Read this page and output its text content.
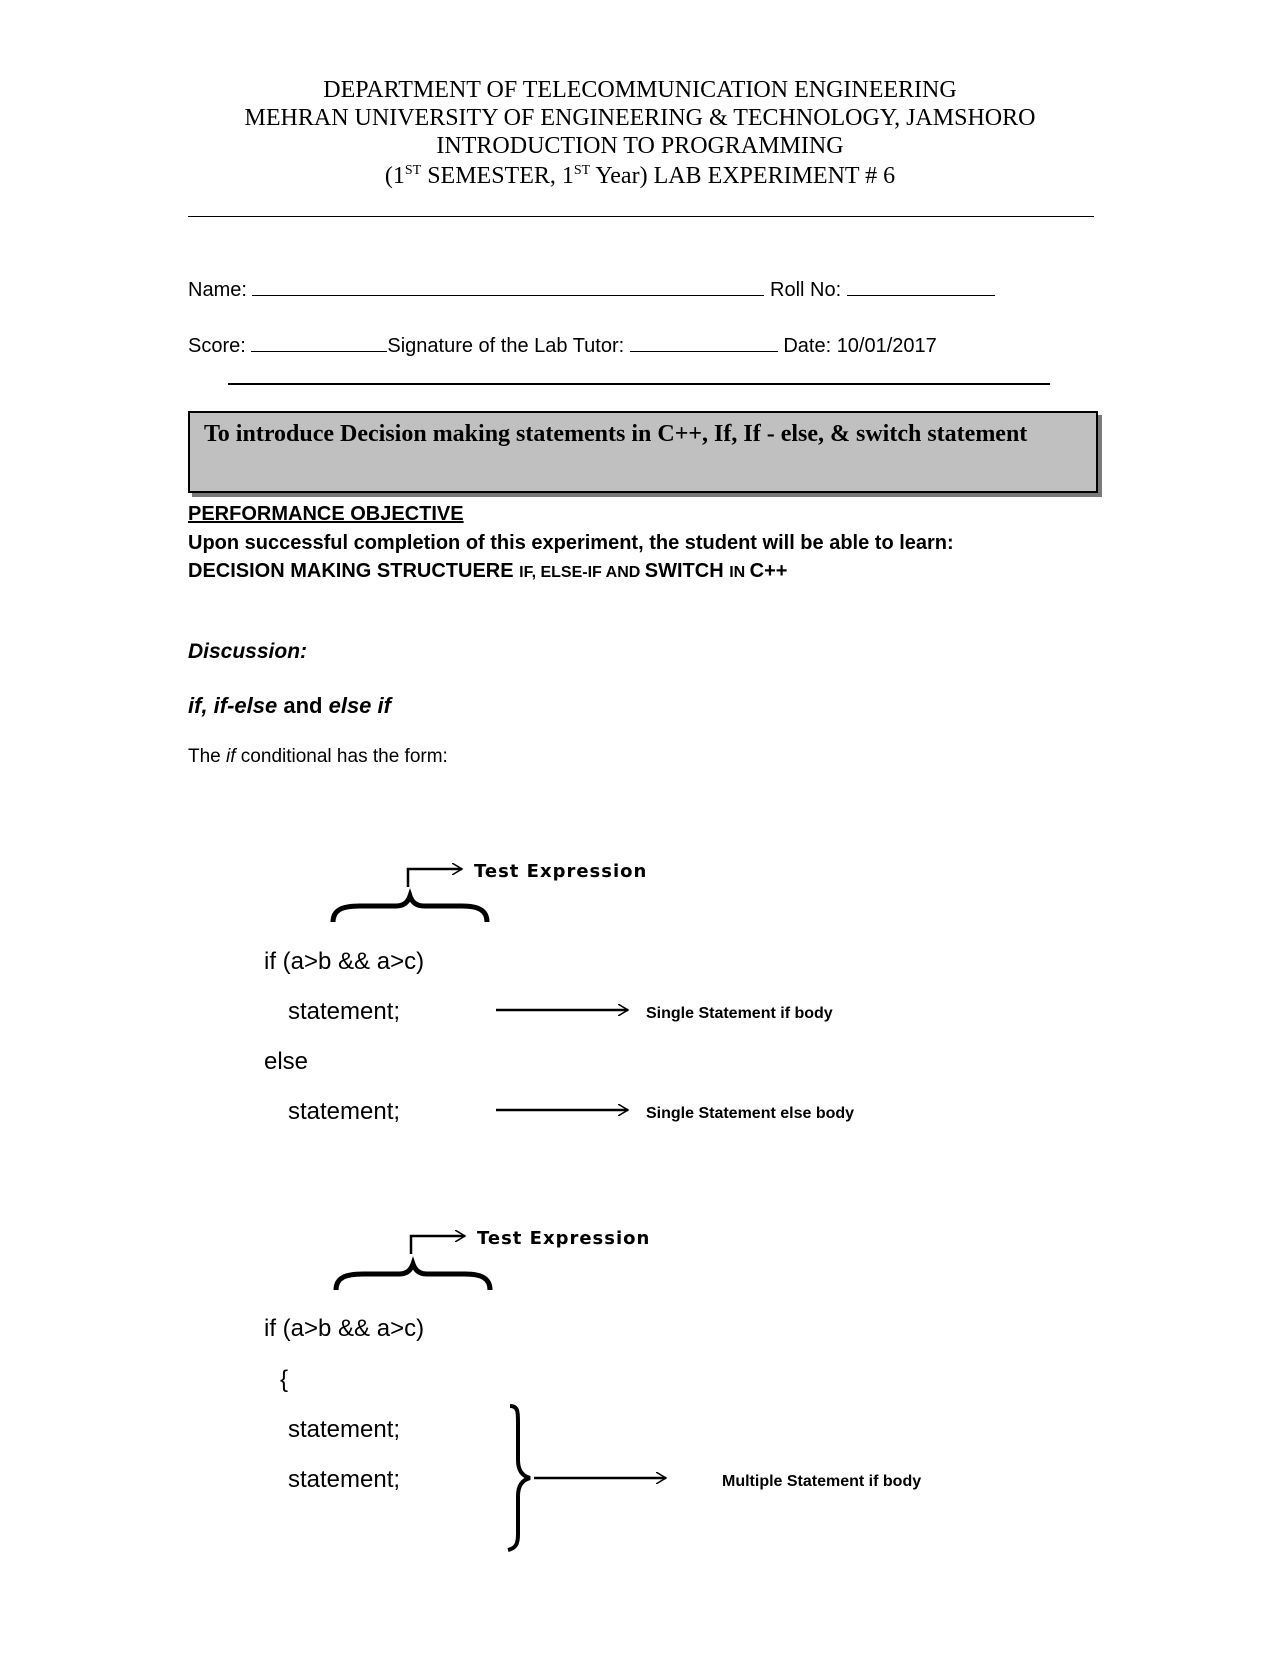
DEPARTMENT OF TELECOMMUNICATION ENGINEERING
MEHRAN UNIVERSITY OF ENGINEERING & TECHNOLOGY, JAMSHORO
INTRODUCTION TO PROGRAMMING
(1ST SEMESTER, 1ST Year) LAB EXPERIMENT # 6
Name:	Roll No:
Score:	Signature of the Lab Tutor:	Date: 10/01/2017
To introduce Decision making statements in C++, If, If - else, & switch statement
PERFORMANCE OBJECTIVE
Upon successful completion of this experiment, the student will be able to learn:
DECISION MAKING STRUCTUERE IF, ELSE-IF AND SWITCH IN C++
Discussion:
if, if-else and else if
The if conditional has the form:
Test Expression
if (a>b && a>c)
statement;
else
statement;
Single Statement if body
Single Statement else body
Test Expression
if (a>b && a>c)
{
statement;
statement;	Multiple Statement if body
